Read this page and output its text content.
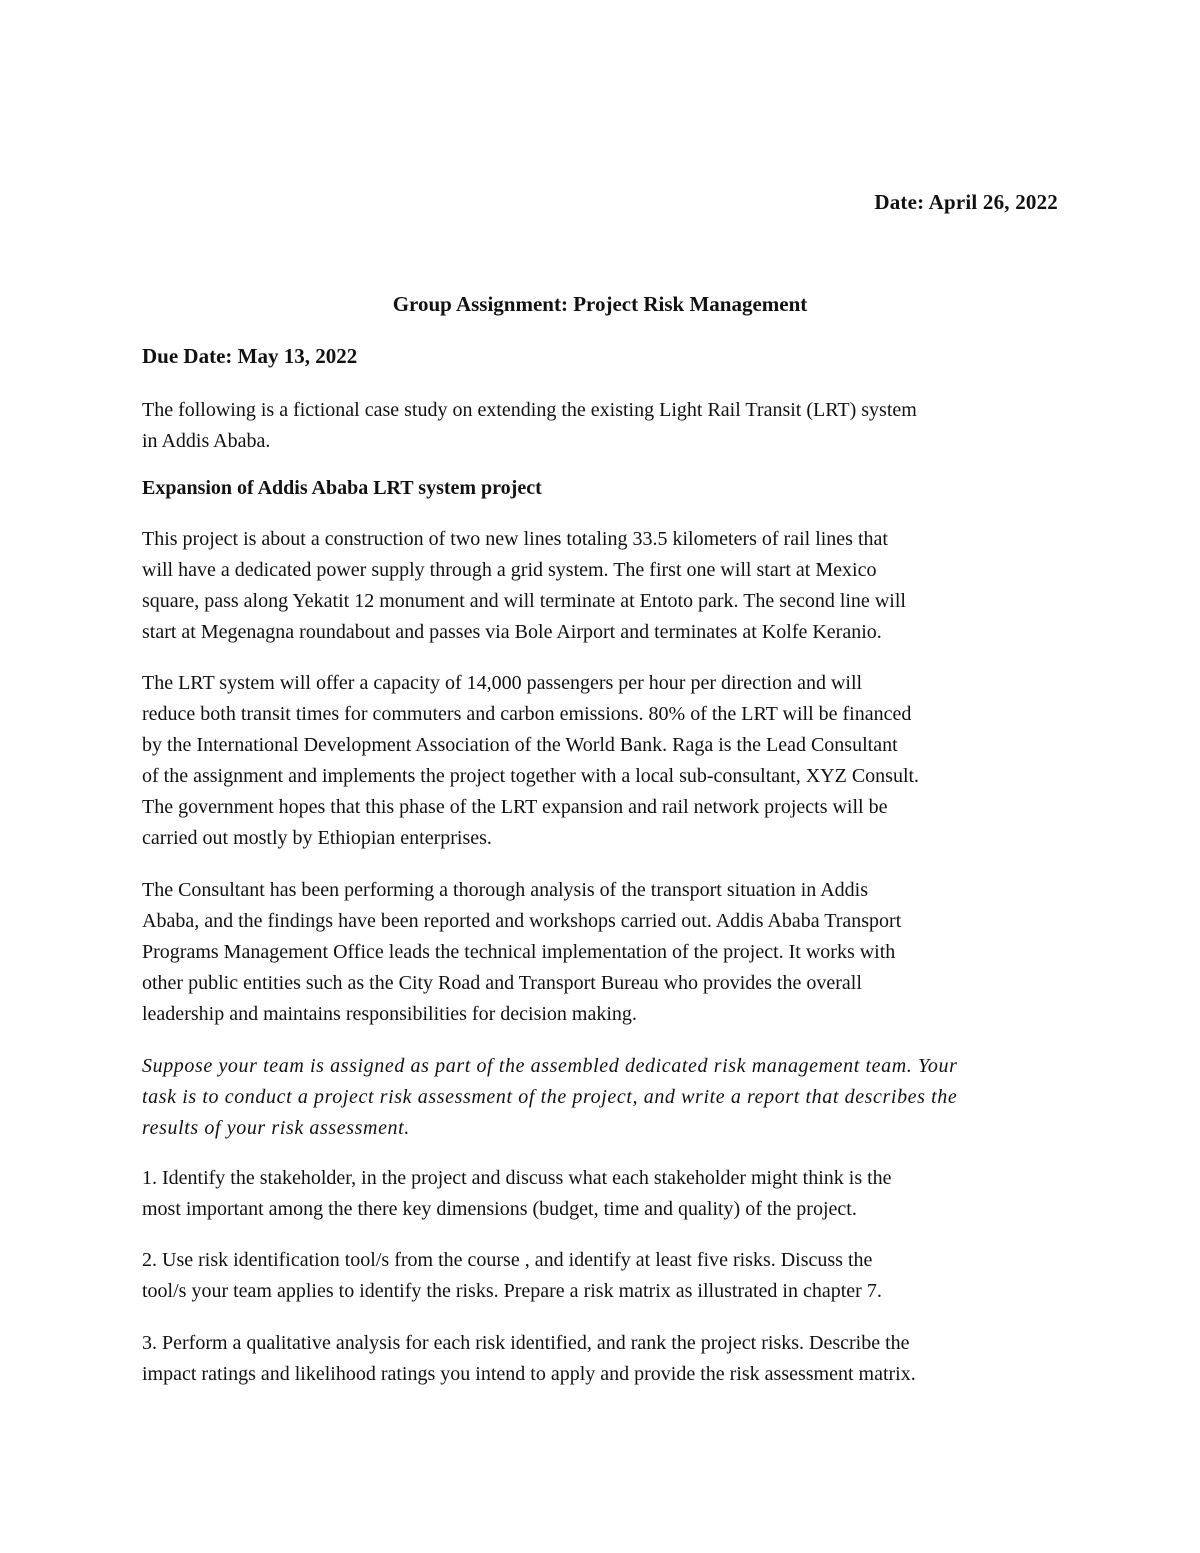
Date: April 26, 2022
Group Assignment: Project Risk Management
Due Date: May 13, 2022
The following is a fictional case study on extending the existing Light Rail Transit (LRT) system
in Addis Ababa.
Expansion of Addis Ababa LRT system project
This project is about a construction of two new lines totaling 33.5 kilometers of rail lines that
will have a dedicated power supply through a grid system. The first one will start at Mexico
square, pass along Yekatit 12 monument and will terminate at Entoto park. The second line will
start at Megenagna roundabout and passes via Bole Airport and terminates at Kolfe Keranio.
The LRT system will offer a capacity of 14,000 passengers per hour per direction and will
reduce both transit times for commuters and carbon emissions. 80% of the LRT will be financed
by the International Development Association of the World Bank. Raga is the Lead Consultant
of the assignment and implements the project together with a local sub-consultant, XYZ Consult.
The government hopes that this phase of the LRT expansion and rail network projects will be
carried out mostly by Ethiopian enterprises.
The Consultant has been performing a thorough analysis of the transport situation in Addis
Ababa, and the findings have been reported and workshops carried out. Addis Ababa Transport
Programs Management Office leads the technical implementation of the project. It works with
other public entities such as the City Road and Transport Bureau who provides the overall
leadership and maintains responsibilities for decision making.
Suppose your team is assigned as part of the assembled dedicated risk management team. Your
task is to conduct a project risk assessment of the project, and write a report that describes the
results of your risk assessment.
1. Identify the stakeholder, in the project and discuss what each stakeholder might think is the
most important among the there key dimensions (budget, time and quality) of the project.
2. Use risk identification tool/s from the course , and identify at least five risks. Discuss the
tool/s your team applies to identify the risks. Prepare a risk matrix as illustrated in chapter 7.
3. Perform a qualitative analysis for each risk identified, and rank the project risks. Describe the
impact ratings and likelihood ratings you intend to apply and provide the risk assessment matrix.
